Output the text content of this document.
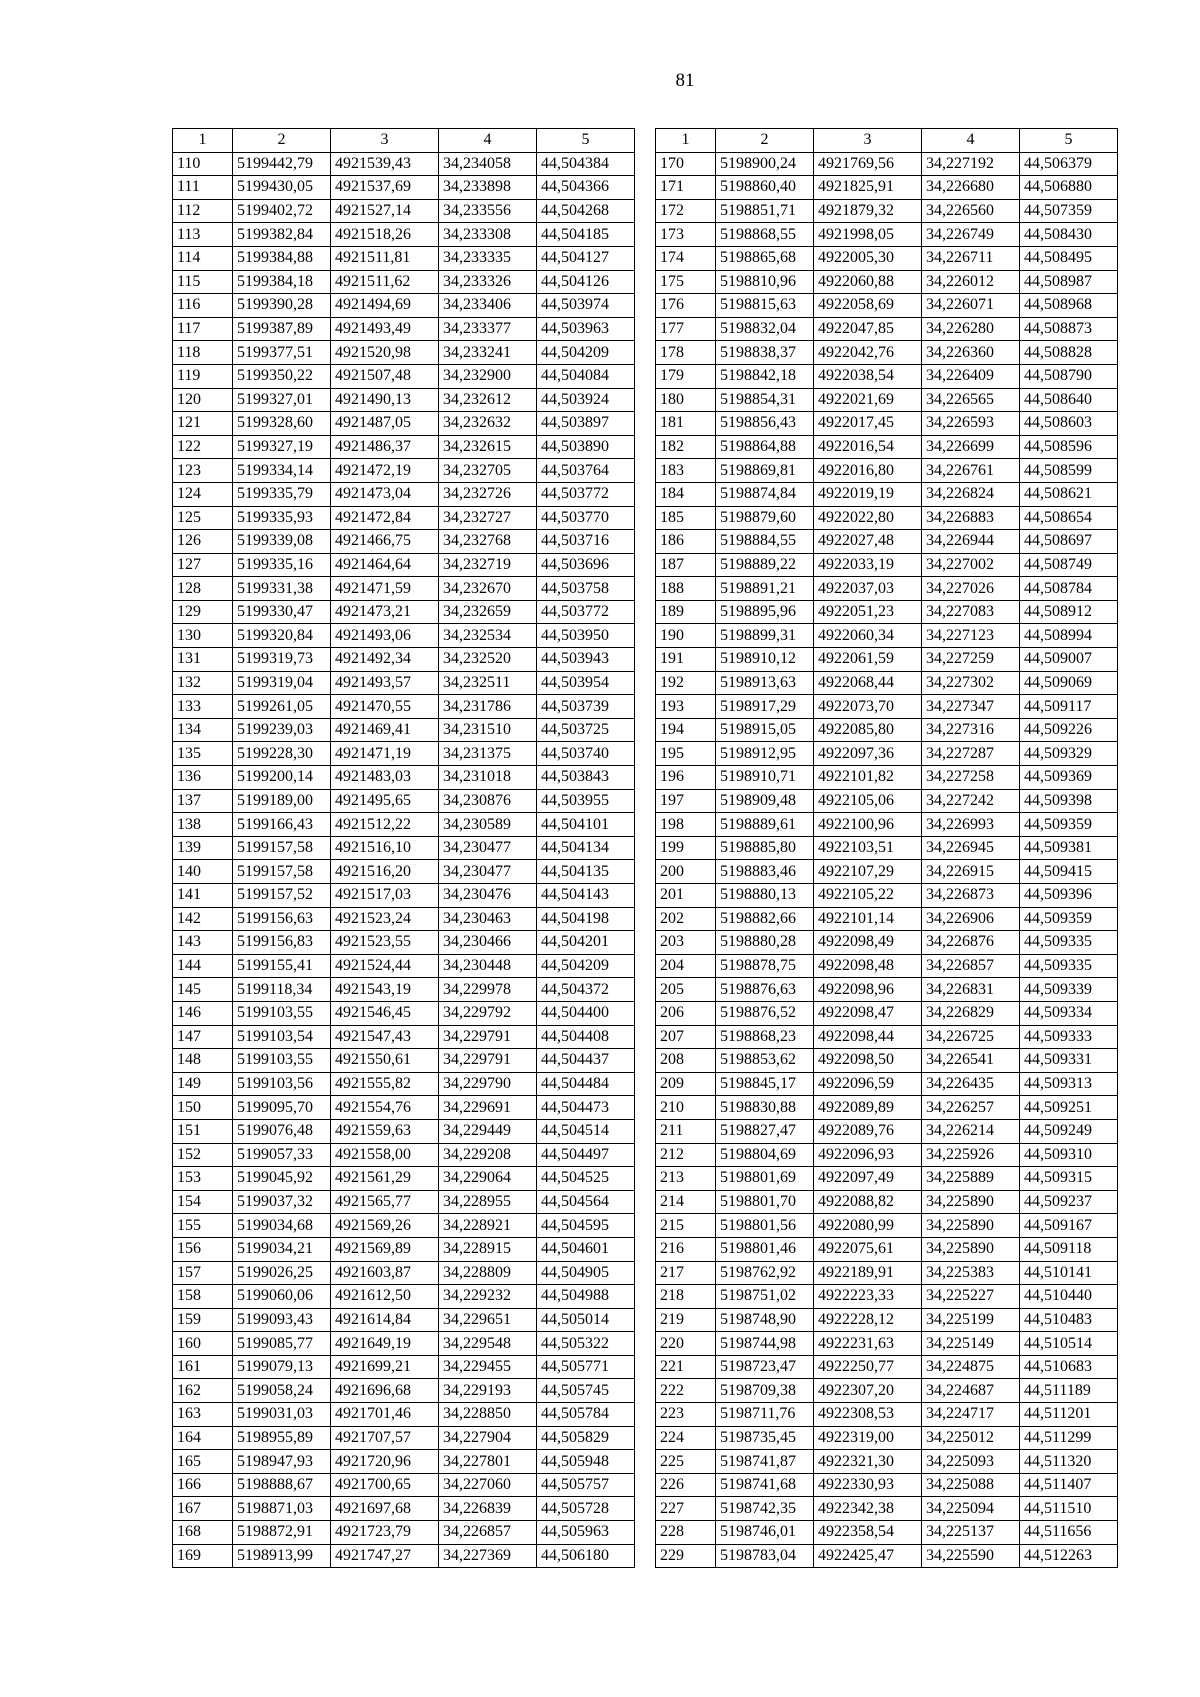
81
1	2	3	4	5
110	5199442,79	4921539,43	34,234058	44,504384
111	5199430,05	4921537,69	34,233898	44,504366
112	5199402,72	4921527,14	34,233556	44,504268
113	5199382,84	4921518,26	34,233308	44,504185
114	5199384,88	4921511,81	34,233335	44,504127
115	5199384,18	4921511,62	34,233326	44,504126
116	5199390,28	4921494,69	34,233406	44,503974
117	5199387,89	4921493,49	34,233377	44,503963
118	5199377,51	4921520,98	34,233241	44,504209
119	5199350,22	4921507,48	34,232900	44,504084
120	5199327,01	4921490,13	34,232612	44,503924
121	5199328,60	4921487,05	34,232632	44,503897
122	5199327,19	4921486,37	34,232615	44,503890
123	5199334,14	4921472,19	34,232705	44,503764
124	5199335,79	4921473,04	34,232726	44,503772
125	5199335,93	4921472,84	34,232727	44,503770
126	5199339,08	4921466,75	34,232768	44,503716
127	5199335,16	4921464,64	34,232719	44,503696
128	5199331,38	4921471,59	34,232670	44,503758
129	5199330,47	4921473,21	34,232659	44,503772
130	5199320,84	4921493,06	34,232534	44,503950
131	5199319,73	4921492,34	34,232520	44,503943
132	5199319,04	4921493,57	34,232511	44,503954
133	5199261,05	4921470,55	34,231786	44,503739
134	5199239,03	4921469,41	34,231510	44,503725
135	5199228,30	4921471,19	34,231375	44,503740
136	5199200,14	4921483,03	34,231018	44,503843
137	5199189,00	4921495,65	34,230876	44,503955
138	5199166,43	4921512,22	34,230589	44,504101
139	5199157,58	4921516,10	34,230477	44,504134
140	5199157,58	4921516,20	34,230477	44,504135
141	5199157,52	4921517,03	34,230476	44,504143
142	5199156,63	4921523,24	34,230463	44,504198
143	5199156,83	4921523,55	34,230466	44,504201
144	5199155,41	4921524,44	34,230448	44,504209
145	5199118,34	4921543,19	34,229978	44,504372
146	5199103,55	4921546,45	34,229792	44,504400
147	5199103,54	4921547,43	34,229791	44,504408
148	5199103,55	4921550,61	34,229791	44,504437
149	5199103,56	4921555,82	34,229790	44,504484
150	5199095,70	4921554,76	34,229691	44,504473
151	5199076,48	4921559,63	34,229449	44,504514
152	5199057,33	4921558,00	34,229208	44,504497
153	5199045,92	4921561,29	34,229064	44,504525
154	5199037,32	4921565,77	34,228955	44,504564
155	5199034,68	4921569,26	34,228921	44,504595
156	5199034,21	4921569,89	34,228915	44,504601
157	5199026,25	4921603,87	34,228809	44,504905
158	5199060,06	4921612,50	34,229232	44,504988
159	5199093,43	4921614,84	34,229651	44,505014
160	5199085,77	4921649,19	34,229548	44,505322
161	5199079,13	4921699,21	34,229455	44,505771
162	5199058,24	4921696,68	34,229193	44,505745
163	5199031,03	4921701,46	34,228850	44,505784
164	5198955,89	4921707,57	34,227904	44,505829
165	5198947,93	4921720,96	34,227801	44,505948
166	5198888,67	4921700,65	34,227060	44,505757
167	5198871,03	4921697,68	34,226839	44,505728
168	5198872,91	4921723,79	34,226857	44,505963
169	5198913,99	4921747,27	34,227369	44,506180
1	2	3	4	5
170	5198900,24	4921769,56	34,227192	44,506379
171	5198860,40	4921825,91	34,226680	44,506880
172	5198851,71	4921879,32	34,226560	44,507359
173	5198868,55	4921998,05	34,226749	44,508430
174	5198865,68	4922005,30	34,226711	44,508495
175	5198810,96	4922060,88	34,226012	44,508987
176	5198815,63	4922058,69	34,226071	44,508968
177	5198832,04	4922047,85	34,226280	44,508873
178	5198838,37	4922042,76	34,226360	44,508828
179	5198842,18	4922038,54	34,226409	44,508790
180	5198854,31	4922021,69	34,226565	44,508640
181	5198856,43	4922017,45	34,226593	44,508603
182	5198864,88	4922016,54	34,226699	44,508596
183	5198869,81	4922016,80	34,226761	44,508599
184	5198874,84	4922019,19	34,226824	44,508621
185	5198879,60	4922022,80	34,226883	44,508654
186	5198884,55	4922027,48	34,226944	44,508697
187	5198889,22	4922033,19	34,227002	44,508749
188	5198891,21	4922037,03	34,227026	44,508784
189	5198895,96	4922051,23	34,227083	44,508912
190	5198899,31	4922060,34	34,227123	44,508994
191	5198910,12	4922061,59	34,227259	44,509007
192	5198913,63	4922068,44	34,227302	44,509069
193	5198917,29	4922073,70	34,227347	44,509117
194	5198915,05	4922085,80	34,227316	44,509226
195	5198912,95	4922097,36	34,227287	44,509329
196	5198910,71	4922101,82	34,227258	44,509369
197	5198909,48	4922105,06	34,227242	44,509398
198	5198889,61	4922100,96	34,226993	44,509359
199	5198885,80	4922103,51	34,226945	44,509381
200	5198883,46	4922107,29	34,226915	44,509415
201	5198880,13	4922105,22	34,226873	44,509396
202	5198882,66	4922101,14	34,226906	44,509359
203	5198880,28	4922098,49	34,226876	44,509335
204	5198878,75	4922098,48	34,226857	44,509335
205	5198876,63	4922098,96	34,226831	44,509339
206	5198876,52	4922098,47	34,226829	44,509334
207	5198868,23	4922098,44	34,226725	44,509333
208	5198853,62	4922098,50	34,226541	44,509331
209	5198845,17	4922096,59	34,226435	44,509313
210	5198830,88	4922089,89	34,226257	44,509251
211	5198827,47	4922089,76	34,226214	44,509249
212	5198804,69	4922096,93	34,225926	44,509310
213	5198801,69	4922097,49	34,225889	44,509315
214	5198801,70	4922088,82	34,225890	44,509237
215	5198801,56	4922080,99	34,225890	44,509167
216	5198801,46	4922075,61	34,225890	44,509118
217	5198762,92	4922189,91	34,225383	44,510141
218	5198751,02	4922223,33	34,225227	44,510440
219	5198748,90	4922228,12	34,225199	44,510483
220	5198744,98	4922231,63	34,225149	44,510514
221	5198723,47	4922250,77	34,224875	44,510683
222	5198709,38	4922307,20	34,224687	44,511189
223	5198711,76	4922308,53	34,224717	44,511201
224	5198735,45	4922319,00	34,225012	44,511299
225	5198741,87	4922321,30	34,225093	44,511320
226	5198741,68	4922330,93	34,225088	44,511407
227	5198742,35	4922342,38	34,225094	44,511510
228	5198746,01	4922358,54	34,225137	44,511656
229	5198783,04	4922425,47	34,225590	44,512263
